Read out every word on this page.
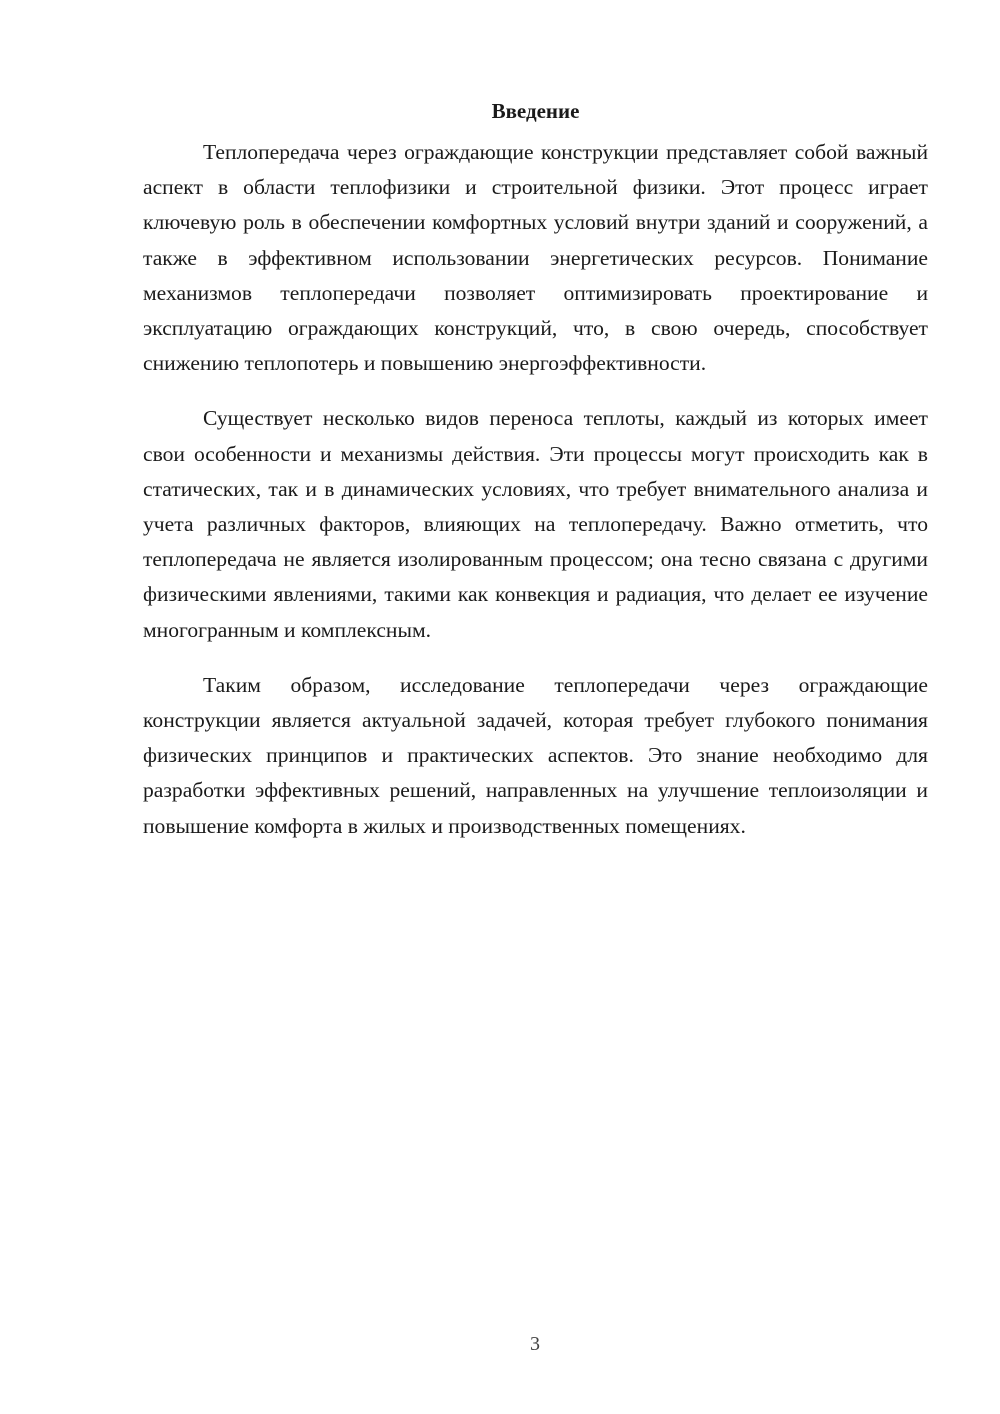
Введение

Теплопередача через ограждающие конструкции представляет собой важный аспект в области теплофизики и строительной физики. Этот процесс играет ключевую роль в обеспечении комфортных условий внутри зданий и сооружений, а также в эффективном использовании энергетических ресурсов. Понимание механизмов теплопередачи позволяет оптимизировать проектирование и эксплуатацию ограждающих конструкций, что, в свою очередь, способствует снижению теплопотерь и повышению энергоэффективности.

Существует несколько видов переноса теплоты, каждый из которых имеет свои особенности и механизмы действия. Эти процессы могут происходить как в статических, так и в динамических условиях, что требует внимательного анализа и учета различных факторов, влияющих на теплопередачу. Важно отметить, что теплопередача не является изолированным процессом; она тесно связана с другими физическими явлениями, такими как конвекция и радиация, что делает ее изучение многогранным и комплексным.

Таким образом, исследование теплопередачи через ограждающие конструкции является актуальной задачей, которая требует глубокого понимания физических принципов и практических аспектов. Это знание необходимо для разработки эффективных решений, направленных на улучшение теплоизоляции и повышение комфорта в жилых и производственных помещениях.

3
